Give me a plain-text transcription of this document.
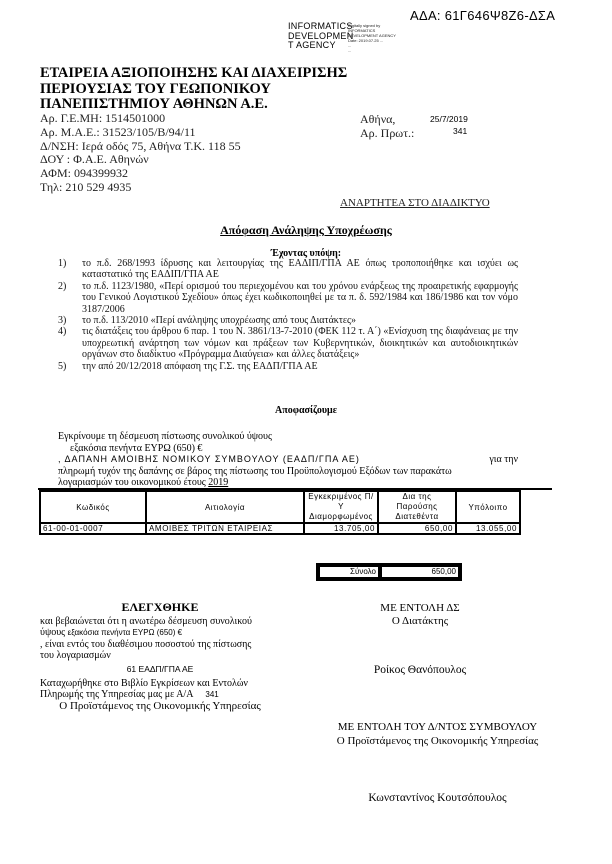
ΑΔΑ: 61Γ646Ψ8Ζ6-ΔΣΑ
INFORMATICS
DEVELOPMEN
T AGENCY
Digitally signed by
INFORMATICS
DEVELOPMENT AGENCY
Date: 2019.07.25 ...
...
...
ΕΤΑΙΡΕΙΑ ΑΞΙΟΠΟΙΗΣΗΣ ΚΑΙ ΔΙΑΧΕΙΡΙΣΗΣ
ΠΕΡΙΟΥΣΙΑΣ ΤΟΥ ΓΕΩΠΟΝΙΚΟΥ
ΠΑΝΕΠΙΣΤΗΜΙΟΥ ΑΘΗΝΩΝ Α.Ε.
Αρ. Γ.Ε.ΜΗ: 1514501000
Αρ. Μ.Α.Ε.: 31523/105/Β/94/11
Δ/ΝΣΗ: Ιερά οδός 75, Αθήνα Τ.Κ. 118 55
ΔΟΥ : Φ.Α.Ε. Αθηνών
ΑΦΜ: 094399932
Τηλ: 210 529 4935
Αθήνα,
Αρ. Πρωτ.:
25/7/2019
341
ΑΝΑΡΤΗΤΕΑ ΣΤΟ ΔΙΑΔΙΚΤΥΟ
Απόφαση Ανάληψης Υποχρέωσης
Έχοντας υπόψη:
1)	το π.δ. 268/1993 ίδρυσης και λειτουργίας της ΕΑΔΙΠ/ΓΠΑ ΑΕ όπως τροποποιήθηκε και ισχύει ως καταστατικό της ΕΑΔΙΠ/ΓΠΑ ΑΕ
2)	το π.δ. 1123/1980, «Περί ορισμού του περιεχομένου και του χρόνου ενάρξεως της προαιρετικής εφαρμογής του Γενικού Λογιστικού Σχεδίου» όπως έχει κωδικοποιηθεί με τα π. δ. 592/1984 και 186/1986 και τον νόμο 3187/2006
3)	το π.δ. 113/2010 «Περί ανάληψης υποχρέωσης από τους Διατάκτες»
4)	τις διατάξεις του άρθρου 6 παρ. 1 του Ν. 3861/13-7-2010 (ΦΕΚ 112 τ. Α΄) «Ενίσχυση της διαφάνειας με την υποχρεωτική ανάρτηση των νόμων και πράξεων των Κυβερνητικών, διοικητικών και αυτοδιοικητικών οργάνων στο διαδίκτυο «Πρόγραμμα Διαύγεια» και άλλες διατάξεις»
5)	την από 20/12/2018 απόφαση της Γ.Σ. της ΕΑΔΠ/ΓΠΑ ΑΕ
Αποφασίζουμε
Εγκρίνουμε τη δέσμευση πίστωσης συνολικού ύψους
εξακόσια πενήντα ΕΥΡΩ (650) €
, ΔΑΠΑΝΗ ΑΜΟΙΒΗΣ ΝΟΜΙΚΟΥ ΣΥΜΒΟΥΛΟΥ (ΕΑΔΠ/ΓΠΑ ΑΕ)	για την
πληρωμή τυχόν της δαπάνης σε βάρος της πίστωσης του Προϋπολογισμού Εξόδων των παρακάτω
λογαριασμών του οικονομικού έτους 2019
Κωδικός	Αιτιολογία	Εγκεκριμένος Π/Υ Διαμορφωμένος	Δια της Παρούσης Διατεθέντα	Υπόλοιπο
61-00-01-0007	ΑΜΟΙΒΕΣ ΤΡΙΤΩΝ ΕΤΑΙΡΕΙΑΣ	13.705,00	650,00	13.055,00
Σύνολο	650,00
ΕΛΕΓΧΘΗΚΕ
και βεβαιώνεται ότι η ανωτέρω δέσμευση συνολικού
ύψους εξακόσια πενήντα ΕΥΡΩ (650) €
, είναι εντός του διαθέσιμου ποσοστού της πίστωσης
του λογαριασμών
61 ΕΑΔΠ/ΓΠΑ ΑΕ
Καταχωρήθηκε στο Βιβλίο Εγκρίσεων και Εντολών
Πληρωμής της Υπηρεσίας μας με Α/Α 341
Ο Προϊστάμενος της Οικονομικής Υπηρεσίας
ΜΕ ΕΝΤΟΛΗ ΔΣ
Ο Διατάκτης
Ροίκος Θανόπουλος
ΜΕ ΕΝΤΟΛΗ ΤΟΥ Δ/ΝΤΟΣ ΣΥΜΒΟΥΛΟΥ
Ο Προϊστάμενος της Οικονομικής Υπηρεσίας
Κωνσταντίνος Κουτσόπουλος
